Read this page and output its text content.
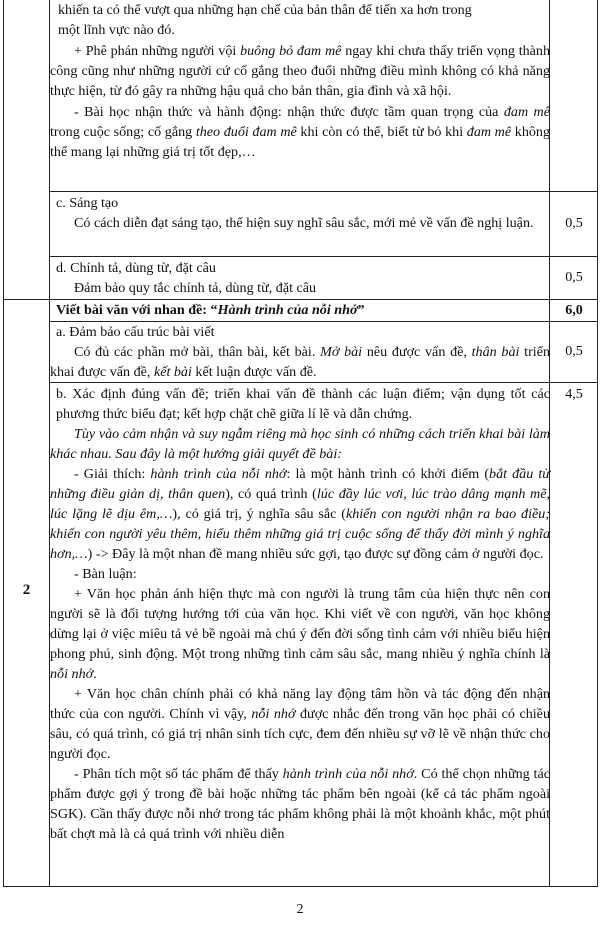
khiến ta có thể vượt qua những hạn chế của bản thân để tiến xa hơn trong

một lĩnh vực nào đó.

+ Phê phán những người vội buông bỏ đam mê ngay khi chưa thấy triển vọng thành công cũng như những người cứ cố gắng theo đuổi những điều mình không có khả năng thực hiện, từ đó gây ra những hậu quả cho bản thân, gia đình và xã hội.

- Bài học nhận thức và hành động: nhận thức được tầm quan trọng của đam mê trong cuộc sống; cố gắng theo đuổi đam mê khi còn có thể, biết từ bỏ khi đam mê không thể mang lại những giá trị tốt đẹp,…

c. Sáng tạo

Có cách diễn đạt sáng tạo, thể hiện suy nghĩ sâu sắc, mới mẻ về vấn đề nghị luận.	0,5

d. Chính tả, dùng từ, đặt câu

Đảm bảo quy tắc chính tả, dùng từ, đặt câu

0,5
2

Viết bài văn với nhan đề: “Hành trình của nỗi nhớ”	6,0

a. Đảm bảo cấu trúc bài viết

Có đủ các phần mở bài, thân bài, kết bài. Mở bài nêu được vấn đề, thân bài triển khai được vấn đề, kết bài kết luận được vấn đề.

0,5

b. Xác định đúng vấn đề; triển khai vấn đề thành các luận điểm; vận dụng tốt các phương thức biểu đạt; kết hợp chặt chẽ giữa lí lẽ và dẫn chứng.

Tùy vào cảm nhận và suy ngẫm riêng mà học sinh có những cách triển khai bài làm khác nhau. Sau đây là một hướng giải quyết đề bài:

- Giải thích: hành trình của nỗi nhớ: là một hành trình có khởi điểm (bắt đầu từ những điều giản dị, thân quen), có quá trình (lúc đầy lúc vơi, lúc trào dâng mạnh mẽ, lúc lặng lẽ dịu êm,…), có giá trị, ý nghĩa sâu sắc (khiến con người nhận ra bao điều; khiến con người yêu thêm, hiểu thêm những giá trị cuộc sống để thấy đời mình ý nghĩa hơn,…) -> Đây là một nhan đề mang nhiều sức gợi, tạo được sự đồng cảm ở người đọc.

- Bàn luận:

+ Văn học phản ánh hiện thực mà con người là trung tâm của hiện thực nên con người sẽ là đối tượng hướng tới của văn học. Khi viết về con người, văn học không dừng lại ở việc miêu tả vẻ bề ngoài mà chú ý đến đời sống tình cảm với nhiều biểu hiện phong phú, sinh động. Một trong những tình cảm sâu sắc, mang nhiều ý nghĩa chính là nỗi nhớ.

+ Văn học chân chính phải có khả năng lay động tâm hồn và tác động đến nhận thức của con người. Chính vì vậy, nỗi nhớ được nhắc đến trong văn học phải có chiều sâu, có quá trình, có giá trị nhân sinh tích cực, đem đến nhiều sự vỡ lẽ về nhận thức cho người đọc.

- Phân tích một số tác phẩm để thấy hành trình của nỗi nhớ. Có thể chọn những tác phẩm được gợi ý trong đề bài hoặc những tác phẩm bên ngoài (kể cả tác phẩm ngoài SGK). Cần thấy được nỗi nhớ trong tác phẩm không phải là một khoảnh khắc, một phút bất chợt mà là cả quá trình với nhiều diễn

4,5
2
